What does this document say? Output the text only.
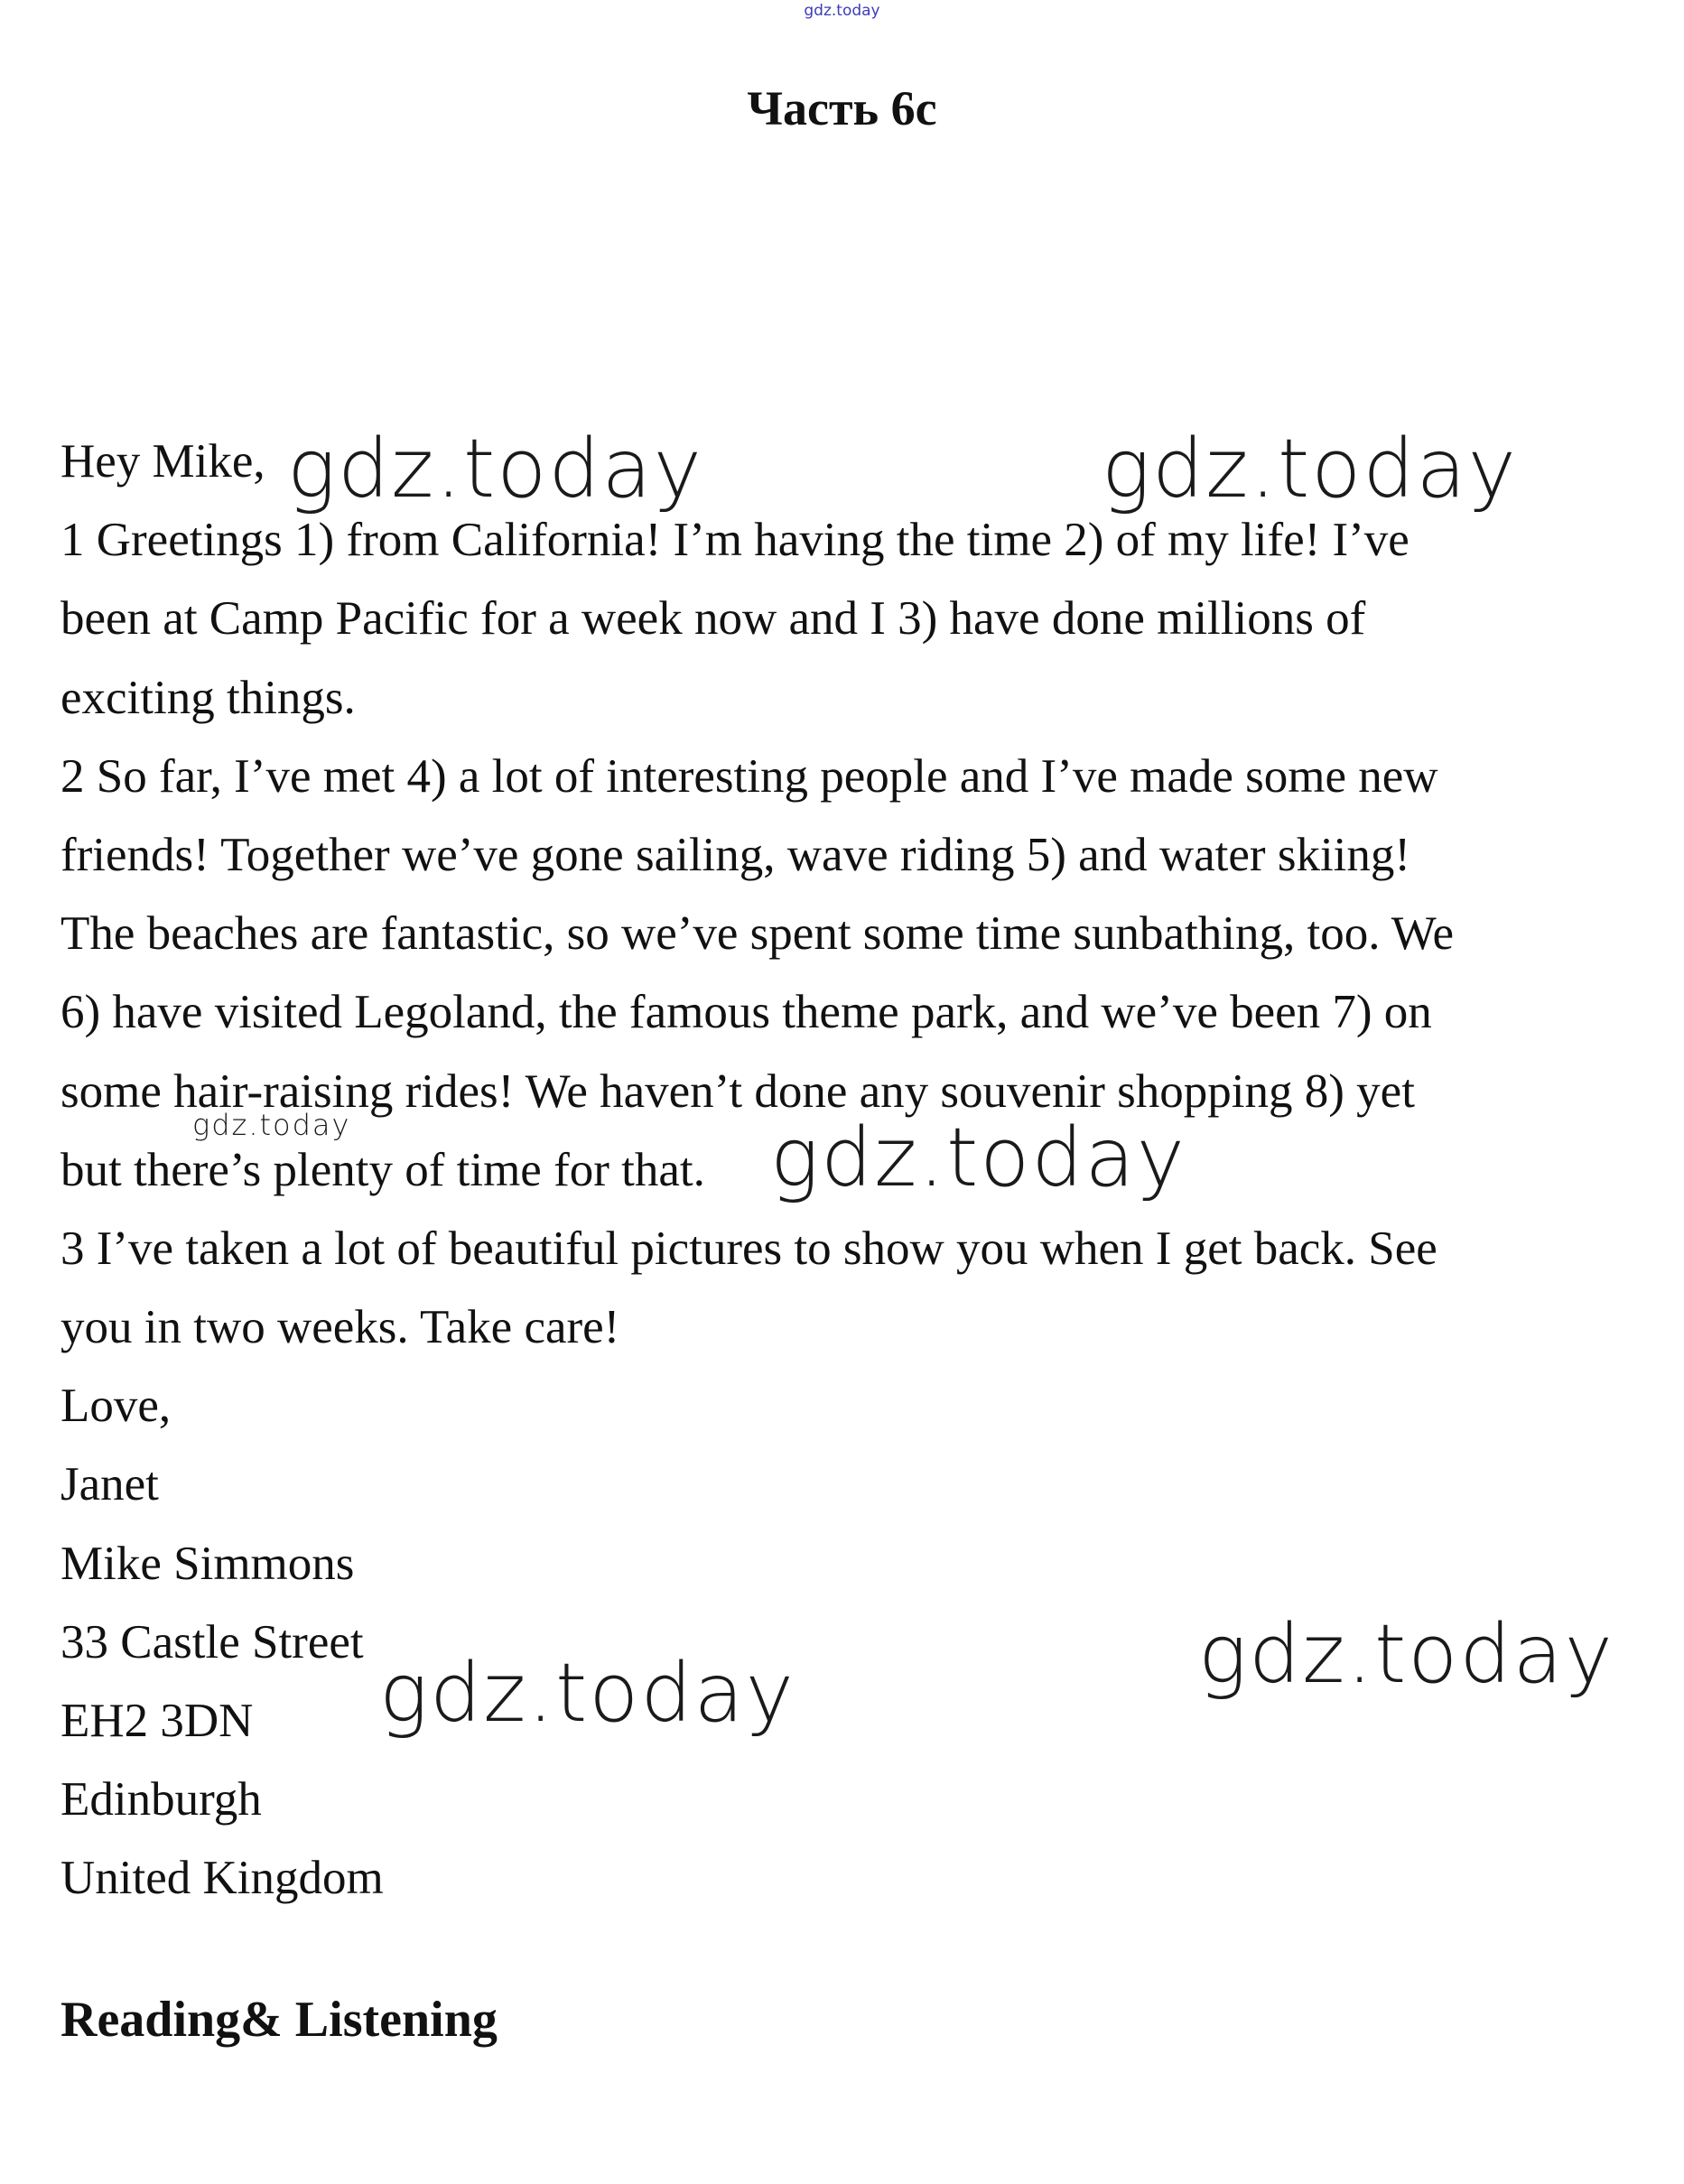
gdz.today
Часть 6c
Hey Mike,
1 Greetings 1) from California! I’m having the time 2) of my life! I’ve
been at Camp Pacific for a week now and I 3) have done millions of
exciting things.
2 So far, I’ve met 4) a lot of interesting people and I’ve made some new
friends! Together we’ve gone sailing, wave riding 5) and water skiing!
The beaches are fantastic, so we’ve spent some time sunbathing, too. We
6) have visited Legoland, the famous theme park, and we’ve been 7) on
some hair-raising rides! We haven’t done any souvenir shopping 8) yet
but there’s plenty of time for that.
3 I’ve taken a lot of beautiful pictures to show you when I get back. See
you in two weeks. Take care!
Love,
Janet
Mike Simmons
33 Castle Street
EH2 3DN
Edinburgh
United Kingdom
Reading& Listening
gdz.today	gdz.today
gdz.today	gdz.today
gdz.today
gdz.today
